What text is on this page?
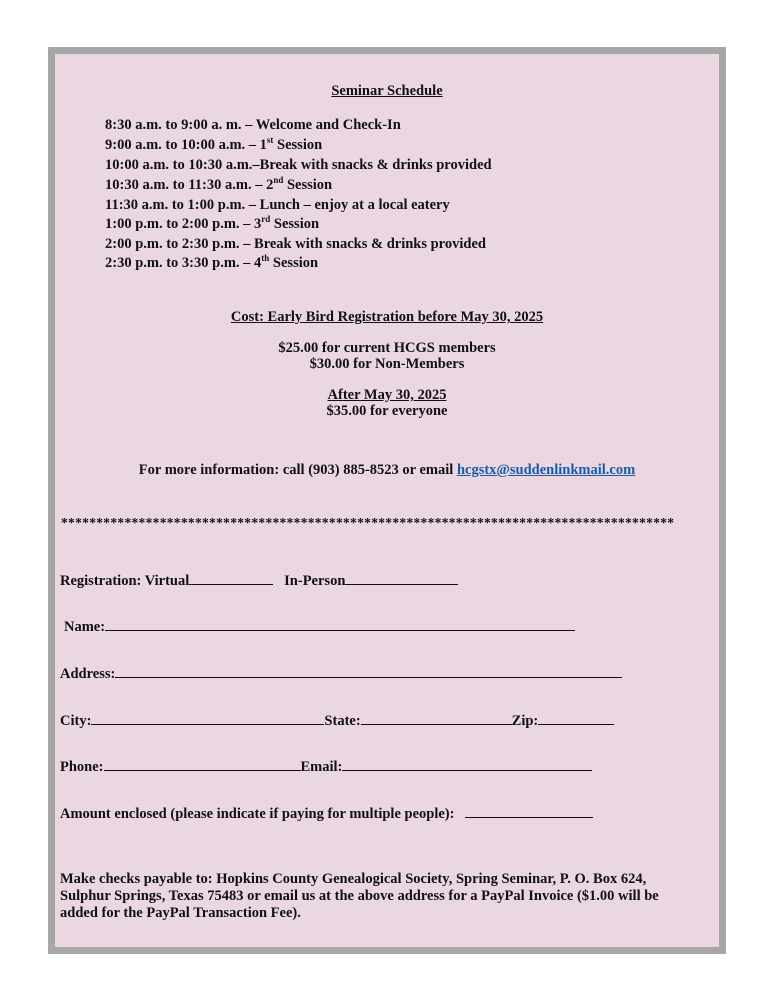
Seminar Schedule
8:30 a.m. to 9:00 a. m. – Welcome and Check-In
9:00 a.m. to 10:00 a.m. – 1st Session
10:00 a.m. to 10:30 a.m.–Break with snacks & drinks provided
10:30 a.m. to 11:30 a.m. – 2nd Session
11:30 a.m. to 1:00 p.m. – Lunch – enjoy at a local eatery
1:00 p.m. to 2:00 p.m. – 3rd Session
2:00 p.m. to 2:30 p.m. – Break with snacks & drinks provided
2:30 p.m. to 3:30 p.m. – 4th Session
Cost: Early Bird Registration before May 30, 2025
$25.00 for current HCGS members
$30.00 for Non-Members
After May 30, 2025
$35.00 for everyone
For more information: call (903) 885-8523 or email hcgstx@suddenlinkmail.com
***************************************************************************************
Registration: Virtual	In-Person
Name:
Address:
City:	State:	Zip:
Phone:	Email:
Amount enclosed (please indicate if paying for multiple people):
Make checks payable to: Hopkins County Genealogical Society, Spring Seminar, P. O. Box 624, Sulphur Springs, Texas 75483 or email us at the above address for a PayPal Invoice ($1.00 will be added for the PayPal Transaction Fee).
